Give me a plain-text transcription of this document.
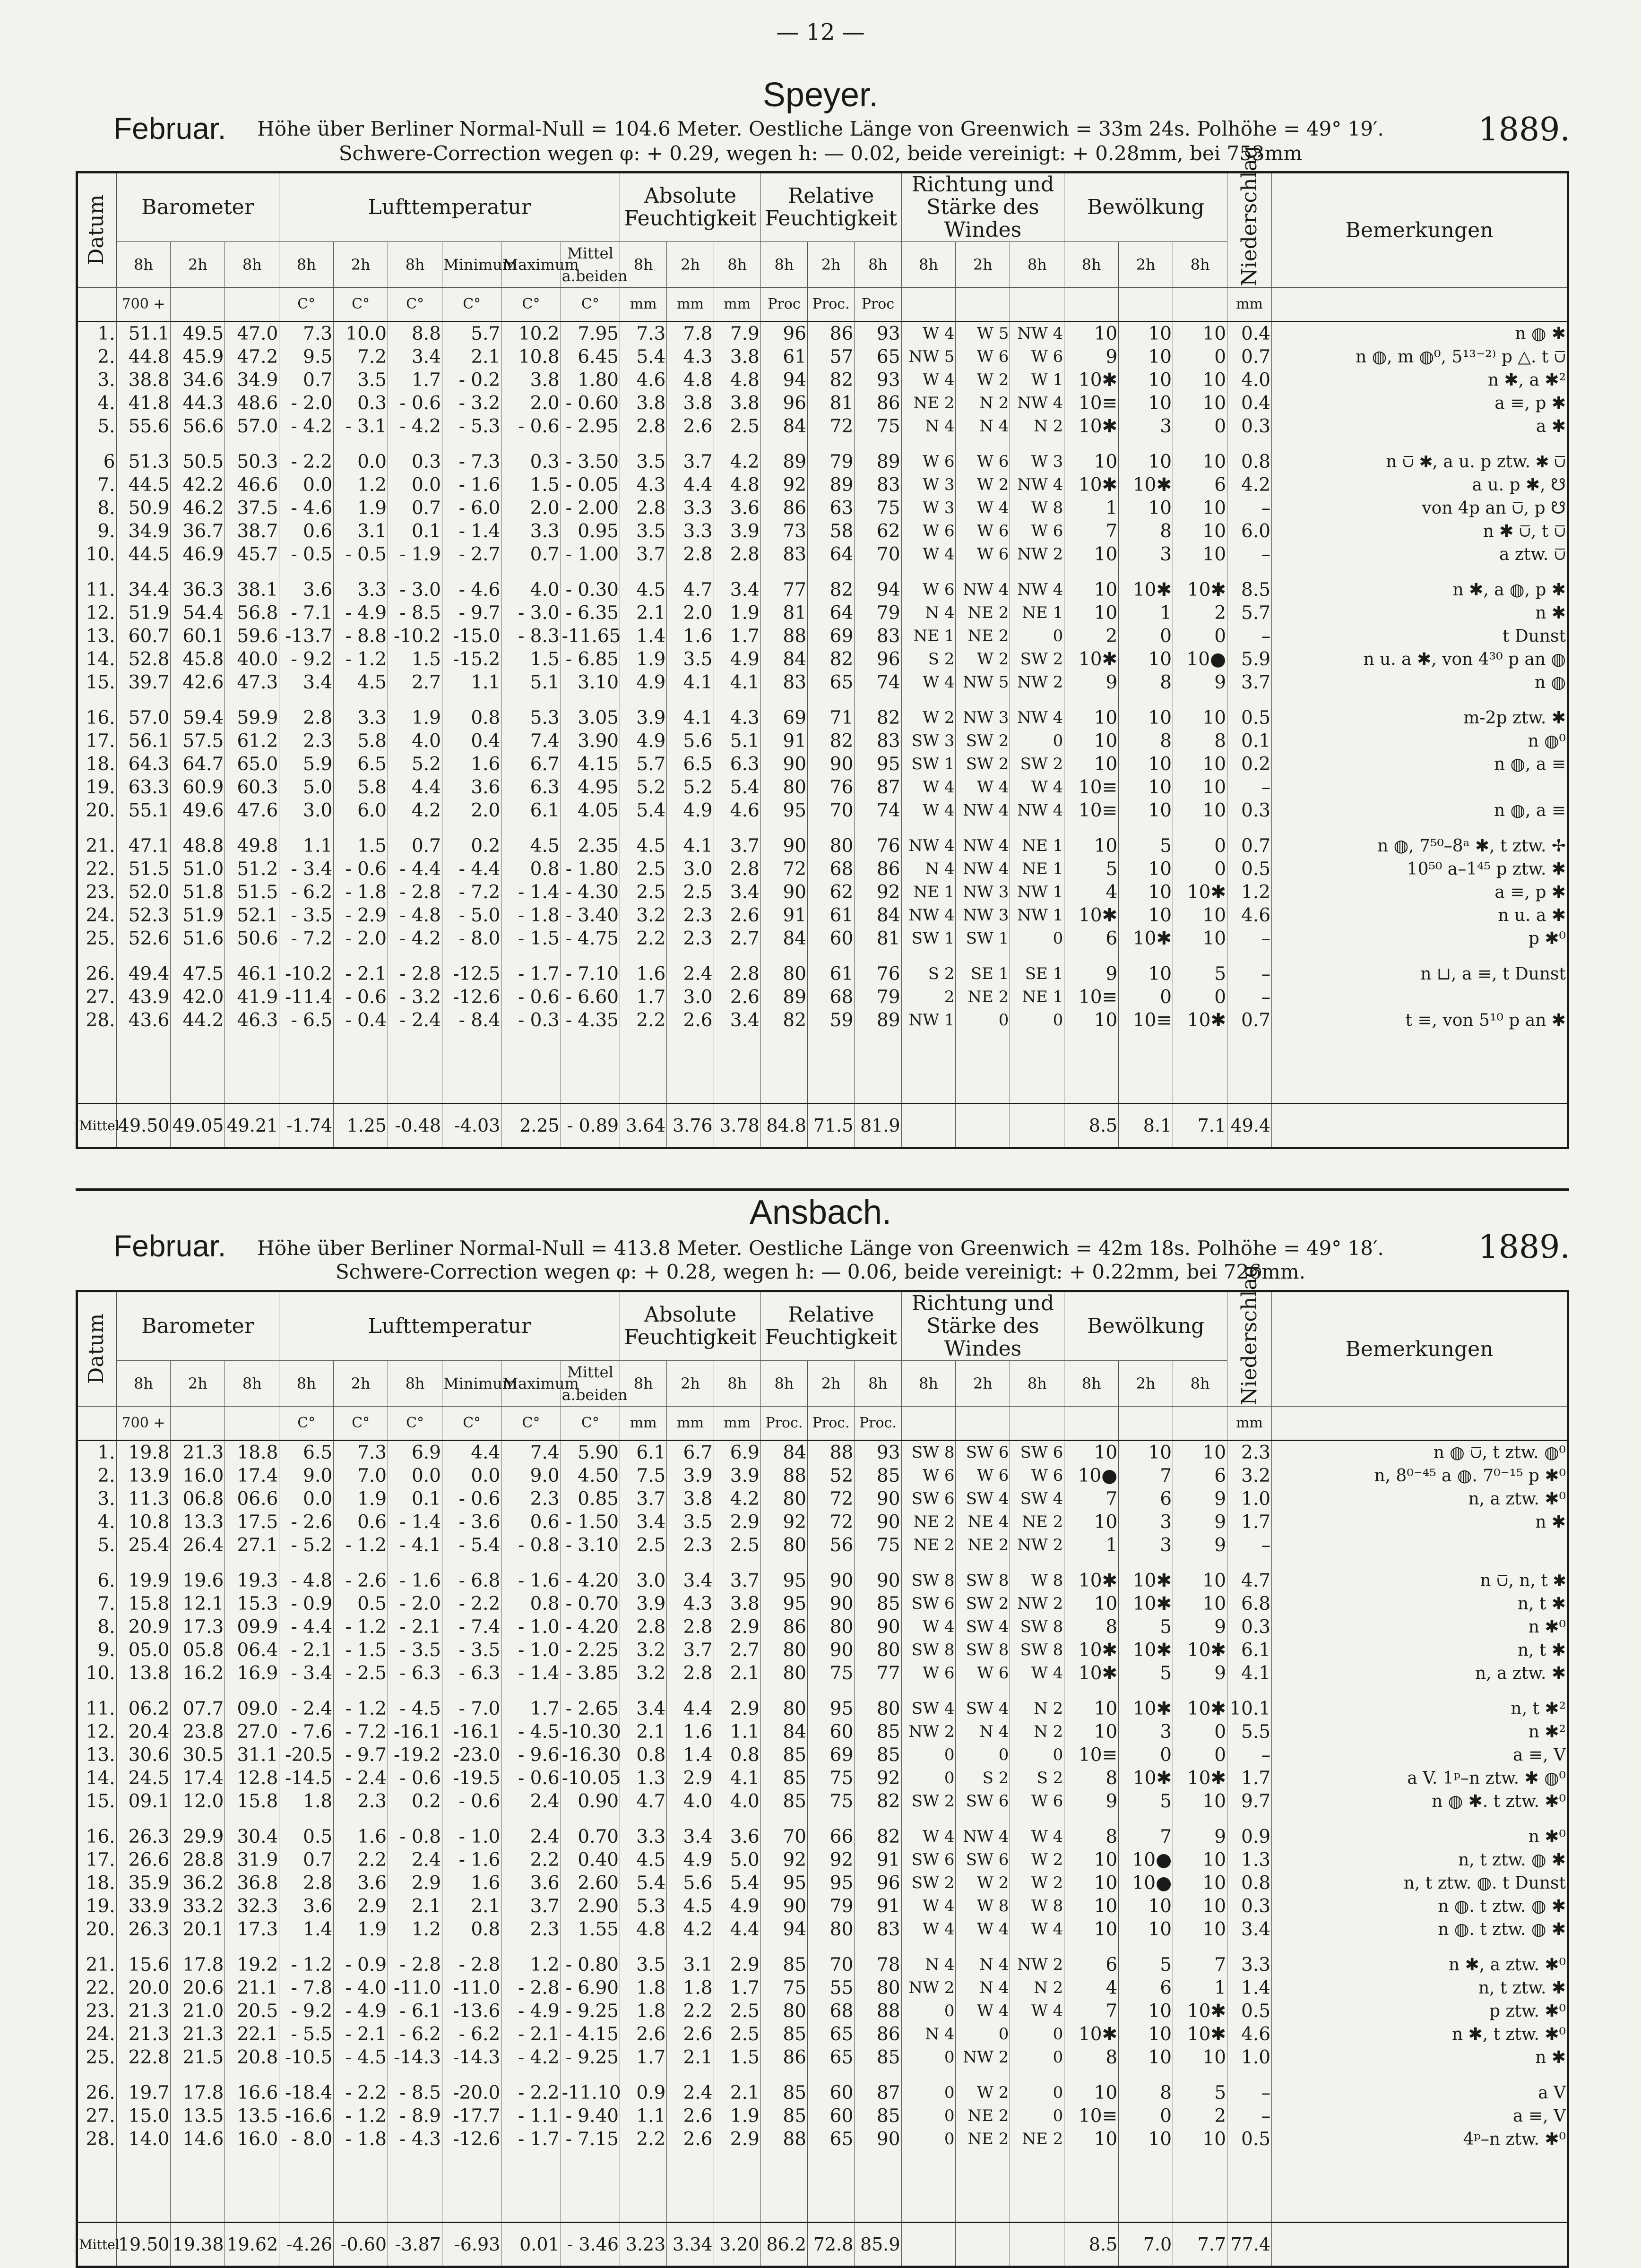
— 12 —
Speyer.
Februar.	1889.
Höhe über Berliner Normal-Null = 104.6 Meter. Oestliche Länge von Greenwich = 33m 24s. Polhöhe = 49° 19′.
Schwere-Correction wegen φ: + 0.29, wegen h: — 0.02, beide vereinigt: + 0.28mm, bei 753mm
Datum	Barometer			Lufttemperatur						Absolute Feuchtigkeit			Relative Feuchtigkeit			Richtung und Stärke des Windes			Bewölkung			Niederschlag	Bemerkungen
	8h	2h	8h	8h	2h	8h	Minimum	Maximum	Mittel a.beiden	8h	2h	8h	8h	2h	8h	8h	2h	8h	8h	2h	8h		
	700 +			C°	C°	C°	C°	C°	C°	mm	mm	mm	Proc	Proc.	Proc							mm	
1.	51.1	49.5	47.0	7.3	10.0	8.8	5.7	10.2	7.95	7.3	7.8	7.9	96	86	93	W 4	W 5	NW 4	10	10	10	0.4	n ◍ ✱
2.	44.8	45.9	47.2	9.5	7.2	3.4	2.1	10.8	6.45	5.4	4.3	3.8	61	57	65	NW 5	W 6	W 6	9	10	0	0.7	n ◍, m ◍⁰, 5¹³⁻²⁾ p △. t ⩂
3.	38.8	34.6	34.9	0.7	3.5	1.7	- 0.2	3.8	1.80	4.6	4.8	4.8	94	82	93	W 4	W 2	W 1	10✱	10	10	4.0	n ✱, a ✱²
4.	41.8	44.3	48.6	- 2.0	0.3	- 0.6	- 3.2	2.0	- 0.60	3.8	3.8	3.8	96	81	86	NE 2	N 2	NW 4	10≡	10	10	0.4	a ≡, p ✱
5.	55.6	56.6	57.0	- 4.2	- 3.1	- 4.2	- 5.3	- 0.6	- 2.95	2.8	2.6	2.5	84	72	75	N 4	N 4	N 2	10✱	3	0	0.3	a ✱

6	51.3	50.5	50.3	- 2.2	0.0	0.3	- 7.3	0.3	- 3.50	3.5	3.7	4.2	89	79	89	W 6	W 6	W 3	10	10	10	0.8	n ⩂ ✱, a u. p ztw. ✱ ⩂
7.	44.5	42.2	46.6	0.0	1.2	0.0	- 1.6	1.5	- 0.05	4.3	4.4	4.8	92	89	83	W 3	W 2	NW 4	10✱	10✱	6	4.2	a u. p ✱, ☋
8.	50.9	46.2	37.5	- 4.6	1.9	0.7	- 6.0	2.0	- 2.00	2.8	3.3	3.6	86	63	75	W 3	W 4	W 8	1	10	10	–	von 4p an ⩂, p ☋
9.	34.9	36.7	38.7	0.6	3.1	0.1	- 1.4	3.3	0.95	3.5	3.3	3.9	73	58	62	W 6	W 6	W 6	7	8	10	6.0	n ✱ ⩂, t ⩂
10.	44.5	46.9	45.7	- 0.5	- 0.5	- 1.9	- 2.7	0.7	- 1.00	3.7	2.8	2.8	83	64	70	W 4	W 6	NW 2	10	3	10	–	a ztw. ⩂

11.	34.4	36.3	38.1	3.6	3.3	- 3.0	- 4.6	4.0	- 0.30	4.5	4.7	3.4	77	82	94	W 6	NW 4	NW 4	10	10✱	10✱	8.5	n ✱, a ◍, p ✱
12.	51.9	54.4	56.8	- 7.1	- 4.9	- 8.5	- 9.7	- 3.0	- 6.35	2.1	2.0	1.9	81	64	79	N 4	NE 2	NE 1	10	1	2	5.7	n ✱
13.	60.7	60.1	59.6	-13.7	- 8.8	-10.2	-15.0	- 8.3	-11.65	1.4	1.6	1.7	88	69	83	NE 1	NE 2	0	2	0	0	–	t Dunst
14.	52.8	45.8	40.0	- 9.2	- 1.2	1.5	-15.2	1.5	- 6.85	1.9	3.5	4.9	84	82	96	S 2	W 2	SW 2	10✱	10	10●	5.9	n u. a ✱, von 4³⁰ p an ◍
15.	39.7	42.6	47.3	3.4	4.5	2.7	1.1	5.1	3.10	4.9	4.1	4.1	83	65	74	W 4	NW 5	NW 2	9	8	9	3.7	n ◍

16.	57.0	59.4	59.9	2.8	3.3	1.9	0.8	5.3	3.05	3.9	4.1	4.3	69	71	82	W 2	NW 3	NW 4	10	10	10	0.5	m-2p ztw. ✱
17.	56.1	57.5	61.2	2.3	5.8	4.0	0.4	7.4	3.90	4.9	5.6	5.1	91	82	83	SW 3	SW 2	0	10	8	8	0.1	n ◍⁰
18.	64.3	64.7	65.0	5.9	6.5	5.2	1.6	6.7	4.15	5.7	6.5	6.3	90	90	95	SW 1	SW 2	SW 2	10	10	10	0.2	n ◍, a ≡
19.	63.3	60.9	60.3	5.0	5.8	4.4	3.6	6.3	4.95	5.2	5.2	5.4	80	76	87	W 4	W 4	W 4	10≡	10	10	–	
20.	55.1	49.6	47.6	3.0	6.0	4.2	2.0	6.1	4.05	5.4	4.9	4.6	95	70	74	W 4	NW 4	NW 4	10≡	10	10	0.3	n ◍, a ≡

21.	47.1	48.8	49.8	1.1	1.5	0.7	0.2	4.5	2.35	4.5	4.1	3.7	90	80	76	NW 4	NW 4	NE 1	10	5	0	0.7	n ◍, 7⁵⁰–8ᵃ ✱, t ztw. ✢
22.	51.5	51.0	51.2	- 3.4	- 0.6	- 4.4	- 4.4	0.8	- 1.80	2.5	3.0	2.8	72	68	86	N 4	NW 4	NE 1	5	10	0	0.5	10⁵⁰ a–1⁴⁵ p ztw. ✱
23.	52.0	51.8	51.5	- 6.2	- 1.8	- 2.8	- 7.2	- 1.4	- 4.30	2.5	2.5	3.4	90	62	92	NE 1	NW 3	NW 1	4	10	10✱	1.2	a ≡, p ✱
24.	52.3	51.9	52.1	- 3.5	- 2.9	- 4.8	- 5.0	- 1.8	- 3.40	3.2	2.3	2.6	91	61	84	NW 4	NW 3	NW 1	10✱	10	10	4.6	n u. a ✱
25.	52.6	51.6	50.6	- 7.2	- 2.0	- 4.2	- 8.0	- 1.5	- 4.75	2.2	2.3	2.7	84	60	81	SW 1	SW 1	0	6	10✱	10	–	p ✱⁰

26.	49.4	47.5	46.1	-10.2	- 2.1	- 2.8	-12.5	- 1.7	- 7.10	1.6	2.4	2.8	80	61	76	S 2	SE 1	SE 1	9	10	5	–	n ⊔, a ≡, t Dunst
27.	43.9	42.0	41.9	-11.4	- 0.6	- 3.2	-12.6	- 0.6	- 6.60	1.7	3.0	2.6	89	68	79	2	NE 2	NE 1	10≡	0	0	–	
28.	43.6	44.2	46.3	- 6.5	- 0.4	- 2.4	- 8.4	- 0.3	- 4.35	2.2	2.6	3.4	82	59	89	NW 1	0	0	10	10≡	10✱	0.7	t ≡, von 5¹⁰ p an ✱

Mittel	49.50	49.05	49.21	-1.74	1.25	-0.48	-4.03	2.25	- 0.89	3.64	3.76	3.78	84.8	71.5	81.9				8.5	8.1	7.1	49.4	
Ansbach.
Februar.	1889.
Höhe über Berliner Normal-Null = 413.8 Meter. Oestliche Länge von Greenwich = 42m 18s. Polhöhe = 49° 18′.
Schwere-Correction wegen φ: + 0.28, wegen h: — 0.06, beide vereinigt: + 0.22mm, bei 726mm.
Datum	Barometer			Lufttemperatur						Absolute Feuchtigkeit			Relative Feuchtigkeit			Richtung und Stärke des Windes			Bewölkung			Niederschlag	Bemerkungen
	8h	2h	8h	8h	2h	8h	Minimum	Maximum	Mittel a.beiden	8h	2h	8h	8h	2h	8h	8h	2h	8h	8h	2h	8h		
	700 +			C°	C°	C°	C°	C°	C°	mm	mm	mm	Proc.	Proc.	Proc.							mm	
1.	19.8	21.3	18.8	6.5	7.3	6.9	4.4	7.4	5.90	6.1	6.7	6.9	84	88	93	SW 8	SW 6	SW 6	10	10	10	2.3	n ◍ ⩂, t ztw. ◍⁰
2.	13.9	16.0	17.4	9.0	7.0	0.0	0.0	9.0	4.50	7.5	3.9	3.9	88	52	85	W 6	W 6	W 6	10●	7	6	3.2	n, 8⁰⁻⁴⁵ a ◍. 7⁰⁻¹⁵ p ✱⁰
3.	11.3	06.8	06.6	0.0	1.9	0.1	- 0.6	2.3	0.85	3.7	3.8	4.2	80	72	90	SW 6	SW 4	SW 4	7	6	9	1.0	n, a ztw. ✱⁰
4.	10.8	13.3	17.5	- 2.6	0.6	- 1.4	- 3.6	0.6	- 1.50	3.4	3.5	2.9	92	72	90	NE 2	NE 4	NE 2	10	3	9	1.7	n ✱
5.	25.4	26.4	27.1	- 5.2	- 1.2	- 4.1	- 5.4	- 0.8	- 3.10	2.5	2.3	2.5	80	56	75	NE 2	NE 2	NW 2	1	3	9	–	

6.	19.9	19.6	19.3	- 4.8	- 2.6	- 1.6	- 6.8	- 1.6	- 4.20	3.0	3.4	3.7	95	90	90	SW 8	SW 8	W 8	10✱	10✱	10	4.7	n ⩂, n, t ✱
7.	15.8	12.1	15.3	- 0.9	0.5	- 2.0	- 2.2	0.8	- 0.70	3.9	4.3	3.8	95	90	85	SW 6	SW 2	NW 2	10	10✱	10	6.8	n, t ✱
8.	20.9	17.3	09.9	- 4.4	- 1.2	- 2.1	- 7.4	- 1.0	- 4.20	2.8	2.8	2.9	86	80	90	W 4	SW 4	SW 8	8	5	9	0.3	n ✱⁰
9.	05.0	05.8	06.4	- 2.1	- 1.5	- 3.5	- 3.5	- 1.0	- 2.25	3.2	3.7	2.7	80	90	80	SW 8	SW 8	SW 8	10✱	10✱	10✱	6.1	n, t ✱
10.	13.8	16.2	16.9	- 3.4	- 2.5	- 6.3	- 6.3	- 1.4	- 3.85	3.2	2.8	2.1	80	75	77	W 6	W 6	W 4	10✱	5	9	4.1	n, a ztw. ✱

11.	06.2	07.7	09.0	- 2.4	- 1.2	- 4.5	- 7.0	1.7	- 2.65	3.4	4.4	2.9	80	95	80	SW 4	SW 4	N 2	10	10✱	10✱	10.1	n, t ✱²
12.	20.4	23.8	27.0	- 7.6	- 7.2	-16.1	-16.1	- 4.5	-10.30	2.1	1.6	1.1	84	60	85	NW 2	N 4	N 2	10	3	0	5.5	n ✱²
13.	30.6	30.5	31.1	-20.5	- 9.7	-19.2	-23.0	- 9.6	-16.30	0.8	1.4	0.8	85	69	85	0	0	0	10≡	0	0	–	a ≡, V
14.	24.5	17.4	12.8	-14.5	- 2.4	- 0.6	-19.5	- 0.6	-10.05	1.3	2.9	4.1	85	75	92	0	S 2	S 2	8	10✱	10✱	1.7	a V. 1ᵖ–n ztw. ✱ ◍⁰
15.	09.1	12.0	15.8	1.8	2.3	0.2	- 0.6	2.4	0.90	4.7	4.0	4.0	85	75	82	SW 2	SW 6	W 6	9	5	10	9.7	n ◍ ✱. t ztw. ✱⁰

16.	26.3	29.9	30.4	0.5	1.6	- 0.8	- 1.0	2.4	0.70	3.3	3.4	3.6	70	66	82	W 4	NW 4	W 4	8	7	9	0.9	n ✱⁰
17.	26.6	28.8	31.9	0.7	2.2	2.4	- 1.6	2.2	0.40	4.5	4.9	5.0	92	92	91	SW 6	SW 6	W 2	10	10●	10	1.3	n, t ztw. ◍ ✱
18.	35.9	36.2	36.8	2.8	3.6	2.9	1.6	3.6	2.60	5.4	5.6	5.4	95	95	96	SW 2	W 2	W 2	10	10●	10	0.8	n, t ztw. ◍. t Dunst
19.	33.9	33.2	32.3	3.6	2.9	2.1	2.1	3.7	2.90	5.3	4.5	4.9	90	79	91	W 4	W 8	W 8	10	10	10	0.3	n ◍. t ztw. ◍ ✱
20.	26.3	20.1	17.3	1.4	1.9	1.2	0.8	2.3	1.55	4.8	4.2	4.4	94	80	83	W 4	W 4	W 4	10	10	10	3.4	n ◍. t ztw. ◍ ✱

21.	15.6	17.8	19.2	- 1.2	- 0.9	- 2.8	- 2.8	1.2	- 0.80	3.5	3.1	2.9	85	70	78	N 4	N 4	NW 2	6	5	7	3.3	n ✱, a ztw. ✱⁰
22.	20.0	20.6	21.1	- 7.8	- 4.0	-11.0	-11.0	- 2.8	- 6.90	1.8	1.8	1.7	75	55	80	NW 2	N 4	N 2	4	6	1	1.4	n, t ztw. ✱
23.	21.3	21.0	20.5	- 9.2	- 4.9	- 6.1	-13.6	- 4.9	- 9.25	1.8	2.2	2.5	80	68	88	0	W 4	W 4	7	10	10✱	0.5	p ztw. ✱⁰
24.	21.3	21.3	22.1	- 5.5	- 2.1	- 6.2	- 6.2	- 2.1	- 4.15	2.6	2.6	2.5	85	65	86	N 4	0	0	10✱	10	10✱	4.6	n ✱, t ztw. ✱⁰
25.	22.8	21.5	20.8	-10.5	- 4.5	-14.3	-14.3	- 4.2	- 9.25	1.7	2.1	1.5	86	65	85	0	NW 2	0	8	10	10	1.0	n ✱

26.	19.7	17.8	16.6	-18.4	- 2.2	- 8.5	-20.0	- 2.2	-11.10	0.9	2.4	2.1	85	60	87	0	W 2	0	10	8	5	–	a V
27.	15.0	13.5	13.5	-16.6	- 1.2	- 8.9	-17.7	- 1.1	- 9.40	1.1	2.6	1.9	85	60	85	0	NE 2	0	10≡	0	2	–	a ≡, V
28.	14.0	14.6	16.0	- 8.0	- 1.8	- 4.3	-12.6	- 1.7	- 7.15	2.2	2.6	2.9	88	65	90	0	NE 2	NE 2	10	10	10	0.5	4ᵖ–n ztw. ✱⁰

Mittel	19.50	19.38	19.62	-4.26	-0.60	-3.87	-6.93	0.01	- 3.46	3.23	3.34	3.20	86.2	72.8	85.9				8.5	7.0	7.7	77.4	
